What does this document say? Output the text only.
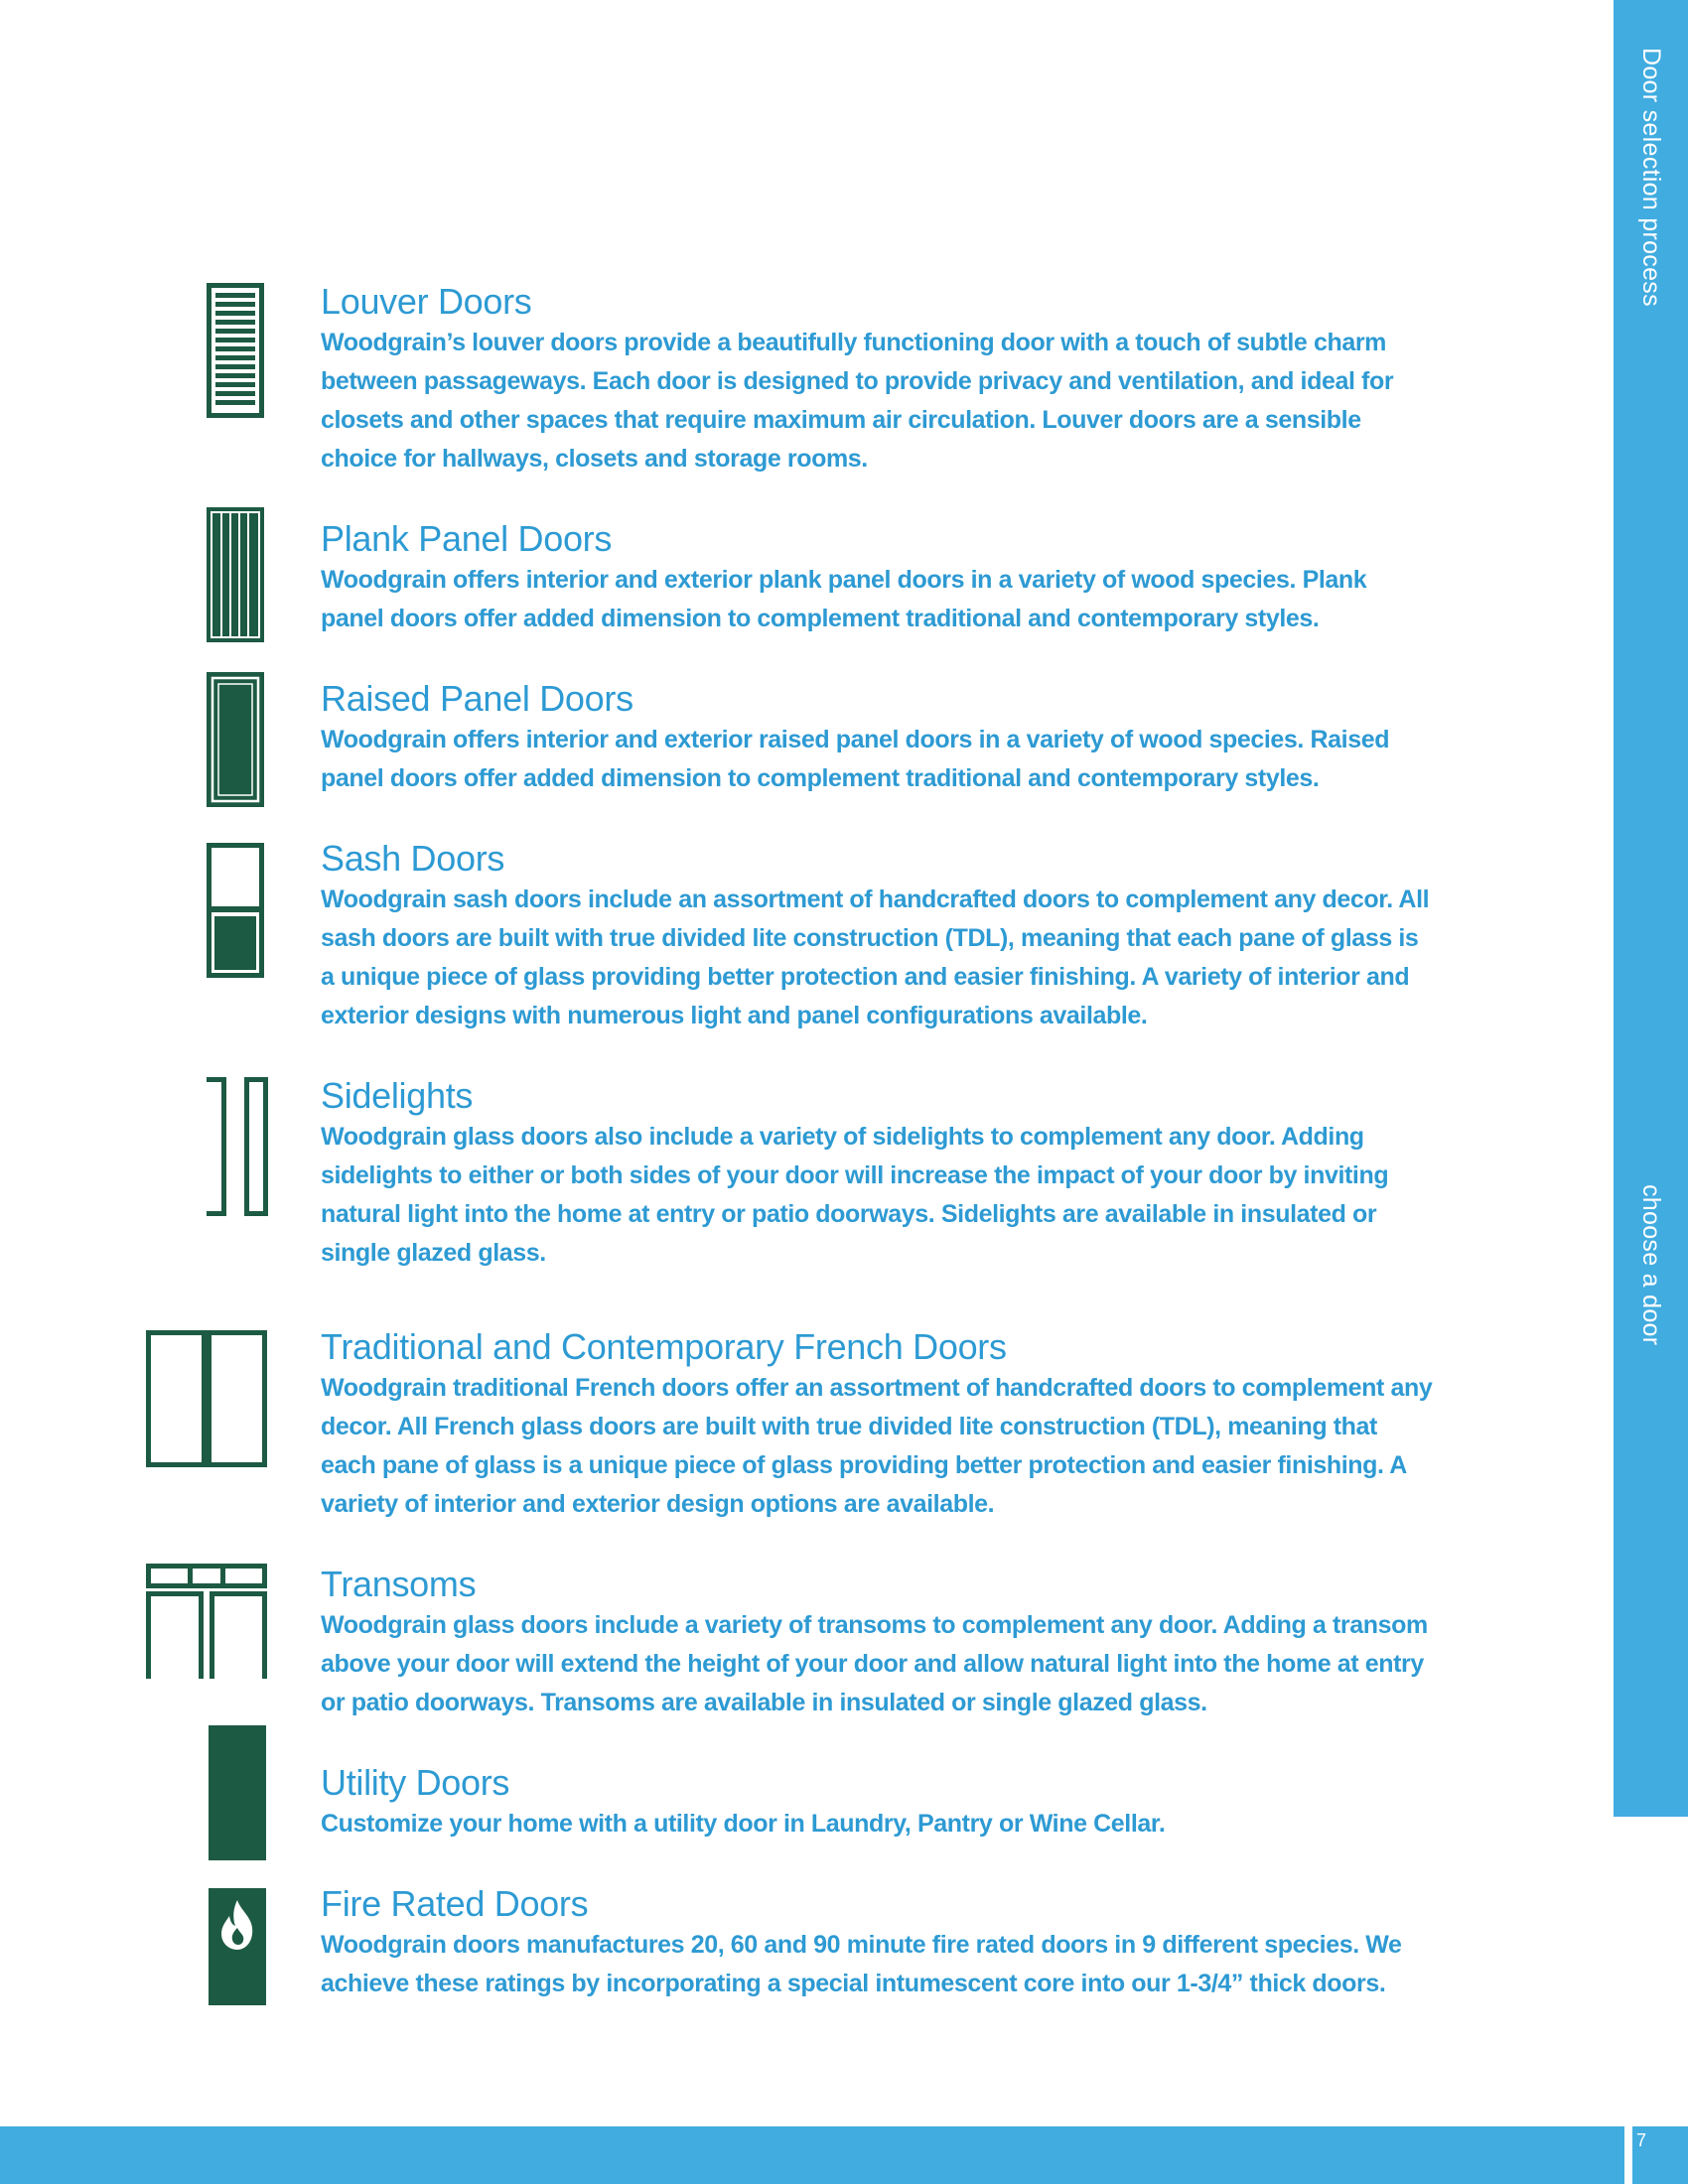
Door selection process
choose a door
Louver Doors

Woodgrain’s louver doors provide a beautifully functioning door with a touch of subtle charm between passageways. Each door is designed to provide privacy and ventilation, and ideal for closets and other spaces that require maximum air circulation. Louver doors are a sensible choice for hallways, closets and storage rooms.

Plank Panel Doors

Woodgrain offers interior and exterior plank panel doors in a variety of wood species. Plank panel doors offer added dimension to complement traditional and contemporary styles.

Raised Panel Doors

Woodgrain offers interior and exterior raised panel doors in a variety of wood species. Raised panel doors offer added dimension to complement traditional and contemporary styles.

Sash Doors

Woodgrain sash doors include an assortment of handcrafted doors to complement any decor. All sash doors are built with true divided lite construction (TDL), meaning that each pane of glass is a unique piece of glass providing better protection and easier finishing. A variety of interior and exterior designs with numerous light and panel configurations available.

Sidelights

Woodgrain glass doors also include a variety of sidelights to complement any door. Adding sidelights to either or both sides of your door will increase the impact of your door by inviting natural light into the home at entry or patio doorways. Sidelights are available in insulated or single glazed glass.

Traditional and Contemporary French Doors

Woodgrain traditional French doors offer an assortment of handcrafted doors to complement any decor. All French glass doors are built with true divided lite construction (TDL), meaning that each pane of glass is a unique piece of glass providing better protection and easier finishing. A variety of interior and exterior design options are available.

Transoms

Woodgrain glass doors include a variety of transoms to complement any door. Adding a transom above your door will extend the height of your door and allow natural light into the home at entry or patio doorways. Transoms are available in insulated or single glazed glass.

Utility Doors

Customize your home with a utility door in Laundry, Pantry or Wine Cellar.

Fire Rated Doors

Woodgrain doors manufactures 20, 60 and 90 minute fire rated doors in 9 different species. We achieve these ratings by incorporating a special intumescent core into our 1-3/4” thick doors.

7
